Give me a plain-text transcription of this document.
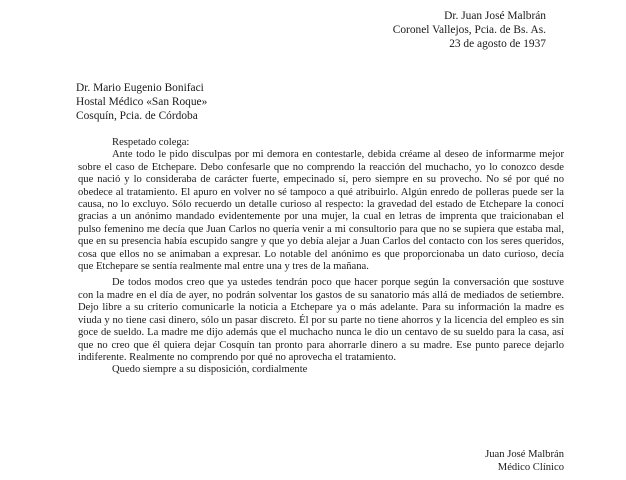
Dr. Juan José Malbrán
Coronel Vallejos, Pcia. de Bs. As.
23 de agosto de 1937
Dr. Mario Eugenio Bonifaci
Hostal Médico «San Roque»
Cosquín, Pcia. de Córdoba

Respetado colega:

Ante todo le pido disculpas por mi demora en contestarle, debida créame al deseo de informarme mejor sobre el caso de Etchepare. Debo confesarle que no comprendo la reacción del muchacho, yo lo conozco desde que nació y lo consideraba de carácter fuerte, empecinado sí, pero siempre en su provecho. No sé por qué no obedece al tratamiento. El apuro en volver no sé tampoco a qué atribuirlo. Algún enredo de polleras puede ser la causa, no lo excluyo. Sólo recuerdo un detalle curioso al respecto: la gravedad del estado de Etchepare la conocí gracias a un anónimo mandado evidentemente por una mujer, la cual en letras de imprenta que traicionaban el pulso femenino me decía que Juan Carlos no quería venir a mi consultorio para que no se supiera que estaba mal, que en su presencia había escupido sangre y que yo debía alejar a Juan Carlos del contacto con los seres queridos, cosa que ellos no se animaban a expresar. Lo notable del anónimo es que proporcionaba un dato curioso, decía que Etchepare se sentía realmente mal entre una y tres de la mañana.

De todos modos creo que ya ustedes tendrán poco que hacer porque según la conversación que sostuve con la madre en el día de ayer, no podrán solventar los gastos de su sanatorio más allá de mediados de setiembre. Dejo libre a su criterio comunicarle la noticia a Etchepare ya o más adelante. Para su información la madre es viuda y no tiene casi dinero, sólo un pasar discreto. Él por su parte no tiene ahorros y la licencia del empleo es sin goce de sueldo. La madre me dijo además que el muchacho nunca le dio un centavo de su sueldo para la casa, así que no creo que él quiera dejar Cosquín tan pronto para ahorrarle dinero a su madre. Ese punto parece dejarlo indiferente. Realmente no comprendo por qué no aprovecha el tratamiento.

Quedo siempre a su disposición, cordialmente

Juan José Malbrán
Médico Clínico
